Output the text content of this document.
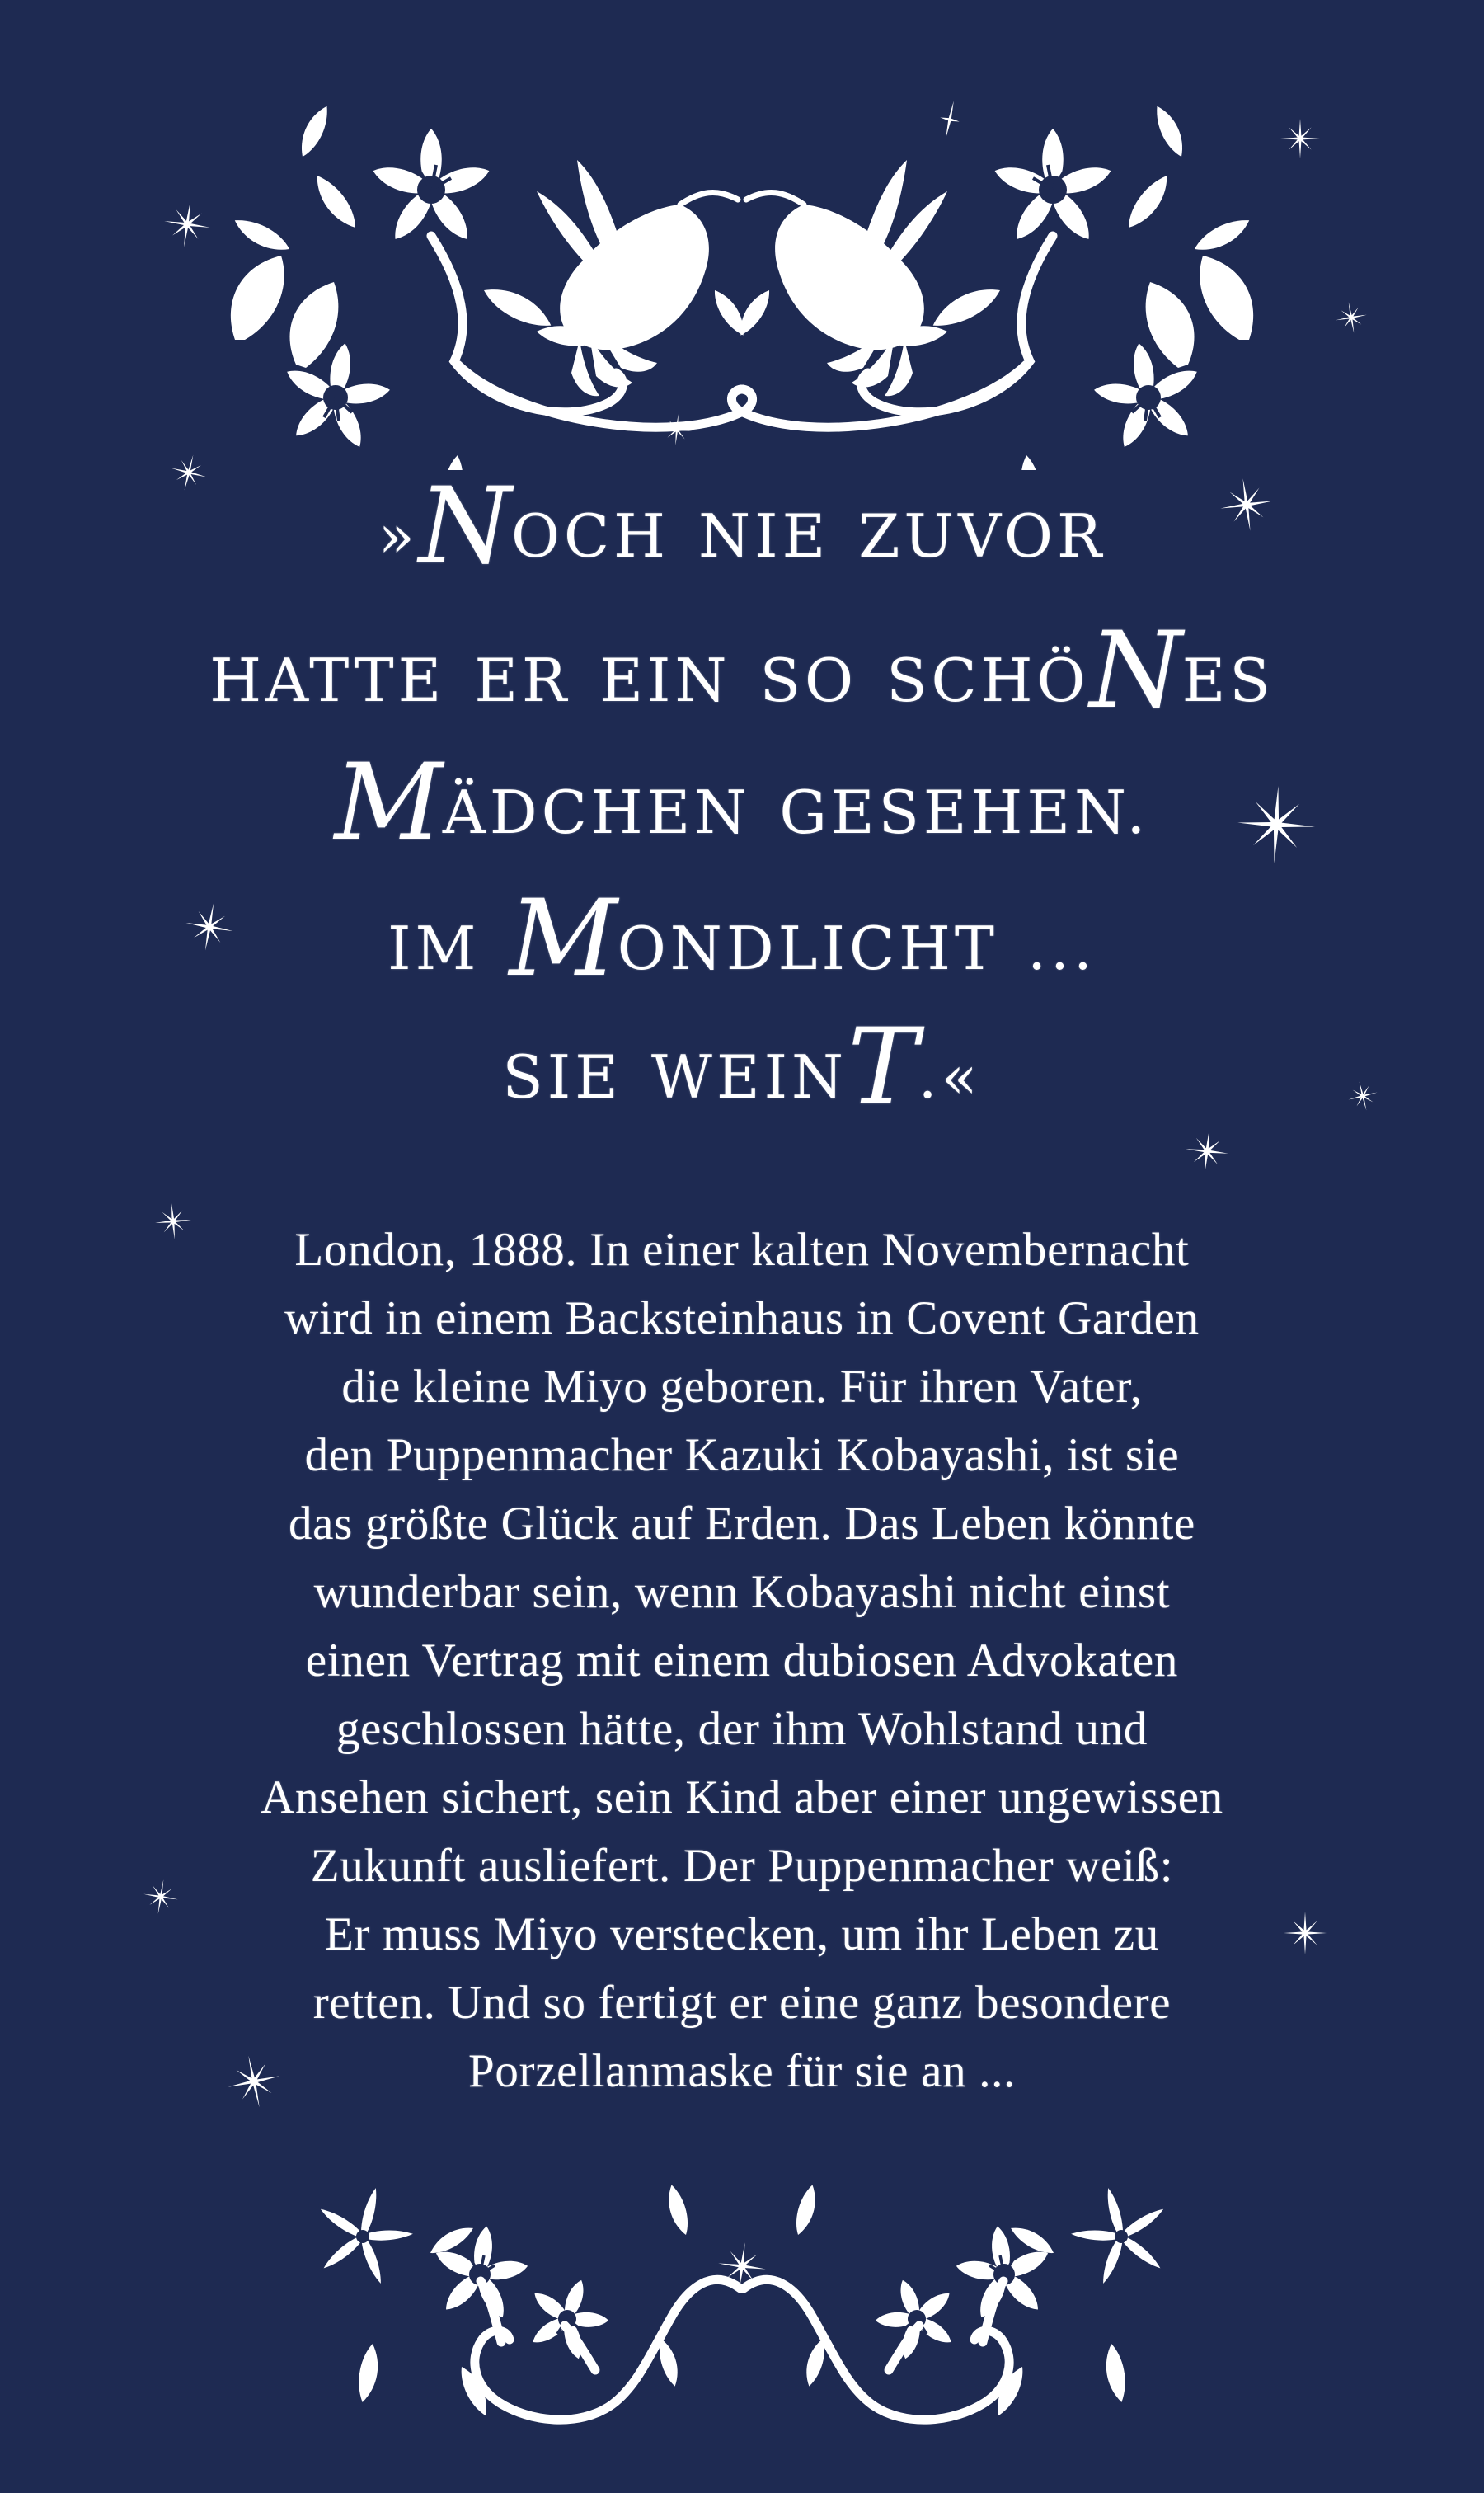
»NOCH NIE ZUVOR
HATTE ER EIN SO SCHÖNES
MÄDCHEN GESEHEN.
IM MONDLICHT ...
SIE WEINT.«
London, 1888. In einer kalten Novembernacht
wird in einem Backsteinhaus in Covent Garden
die kleine Miyo geboren. Für ihren Vater,
den Puppenmacher Kazuki Kobayashi, ist sie
das größte Glück auf Erden. Das Leben könnte
wunderbar sein, wenn Kobayashi nicht einst
einen Vertrag mit einem dubiosen Advokaten
geschlossen hätte, der ihm Wohlstand und
Ansehen sichert, sein Kind aber einer ungewissen
Zukunft ausliefert. Der Puppenmacher weiß:
Er muss Miyo verstecken, um ihr Leben zu
retten. Und so fertigt er eine ganz besondere
Porzellanmaske für sie an ...
